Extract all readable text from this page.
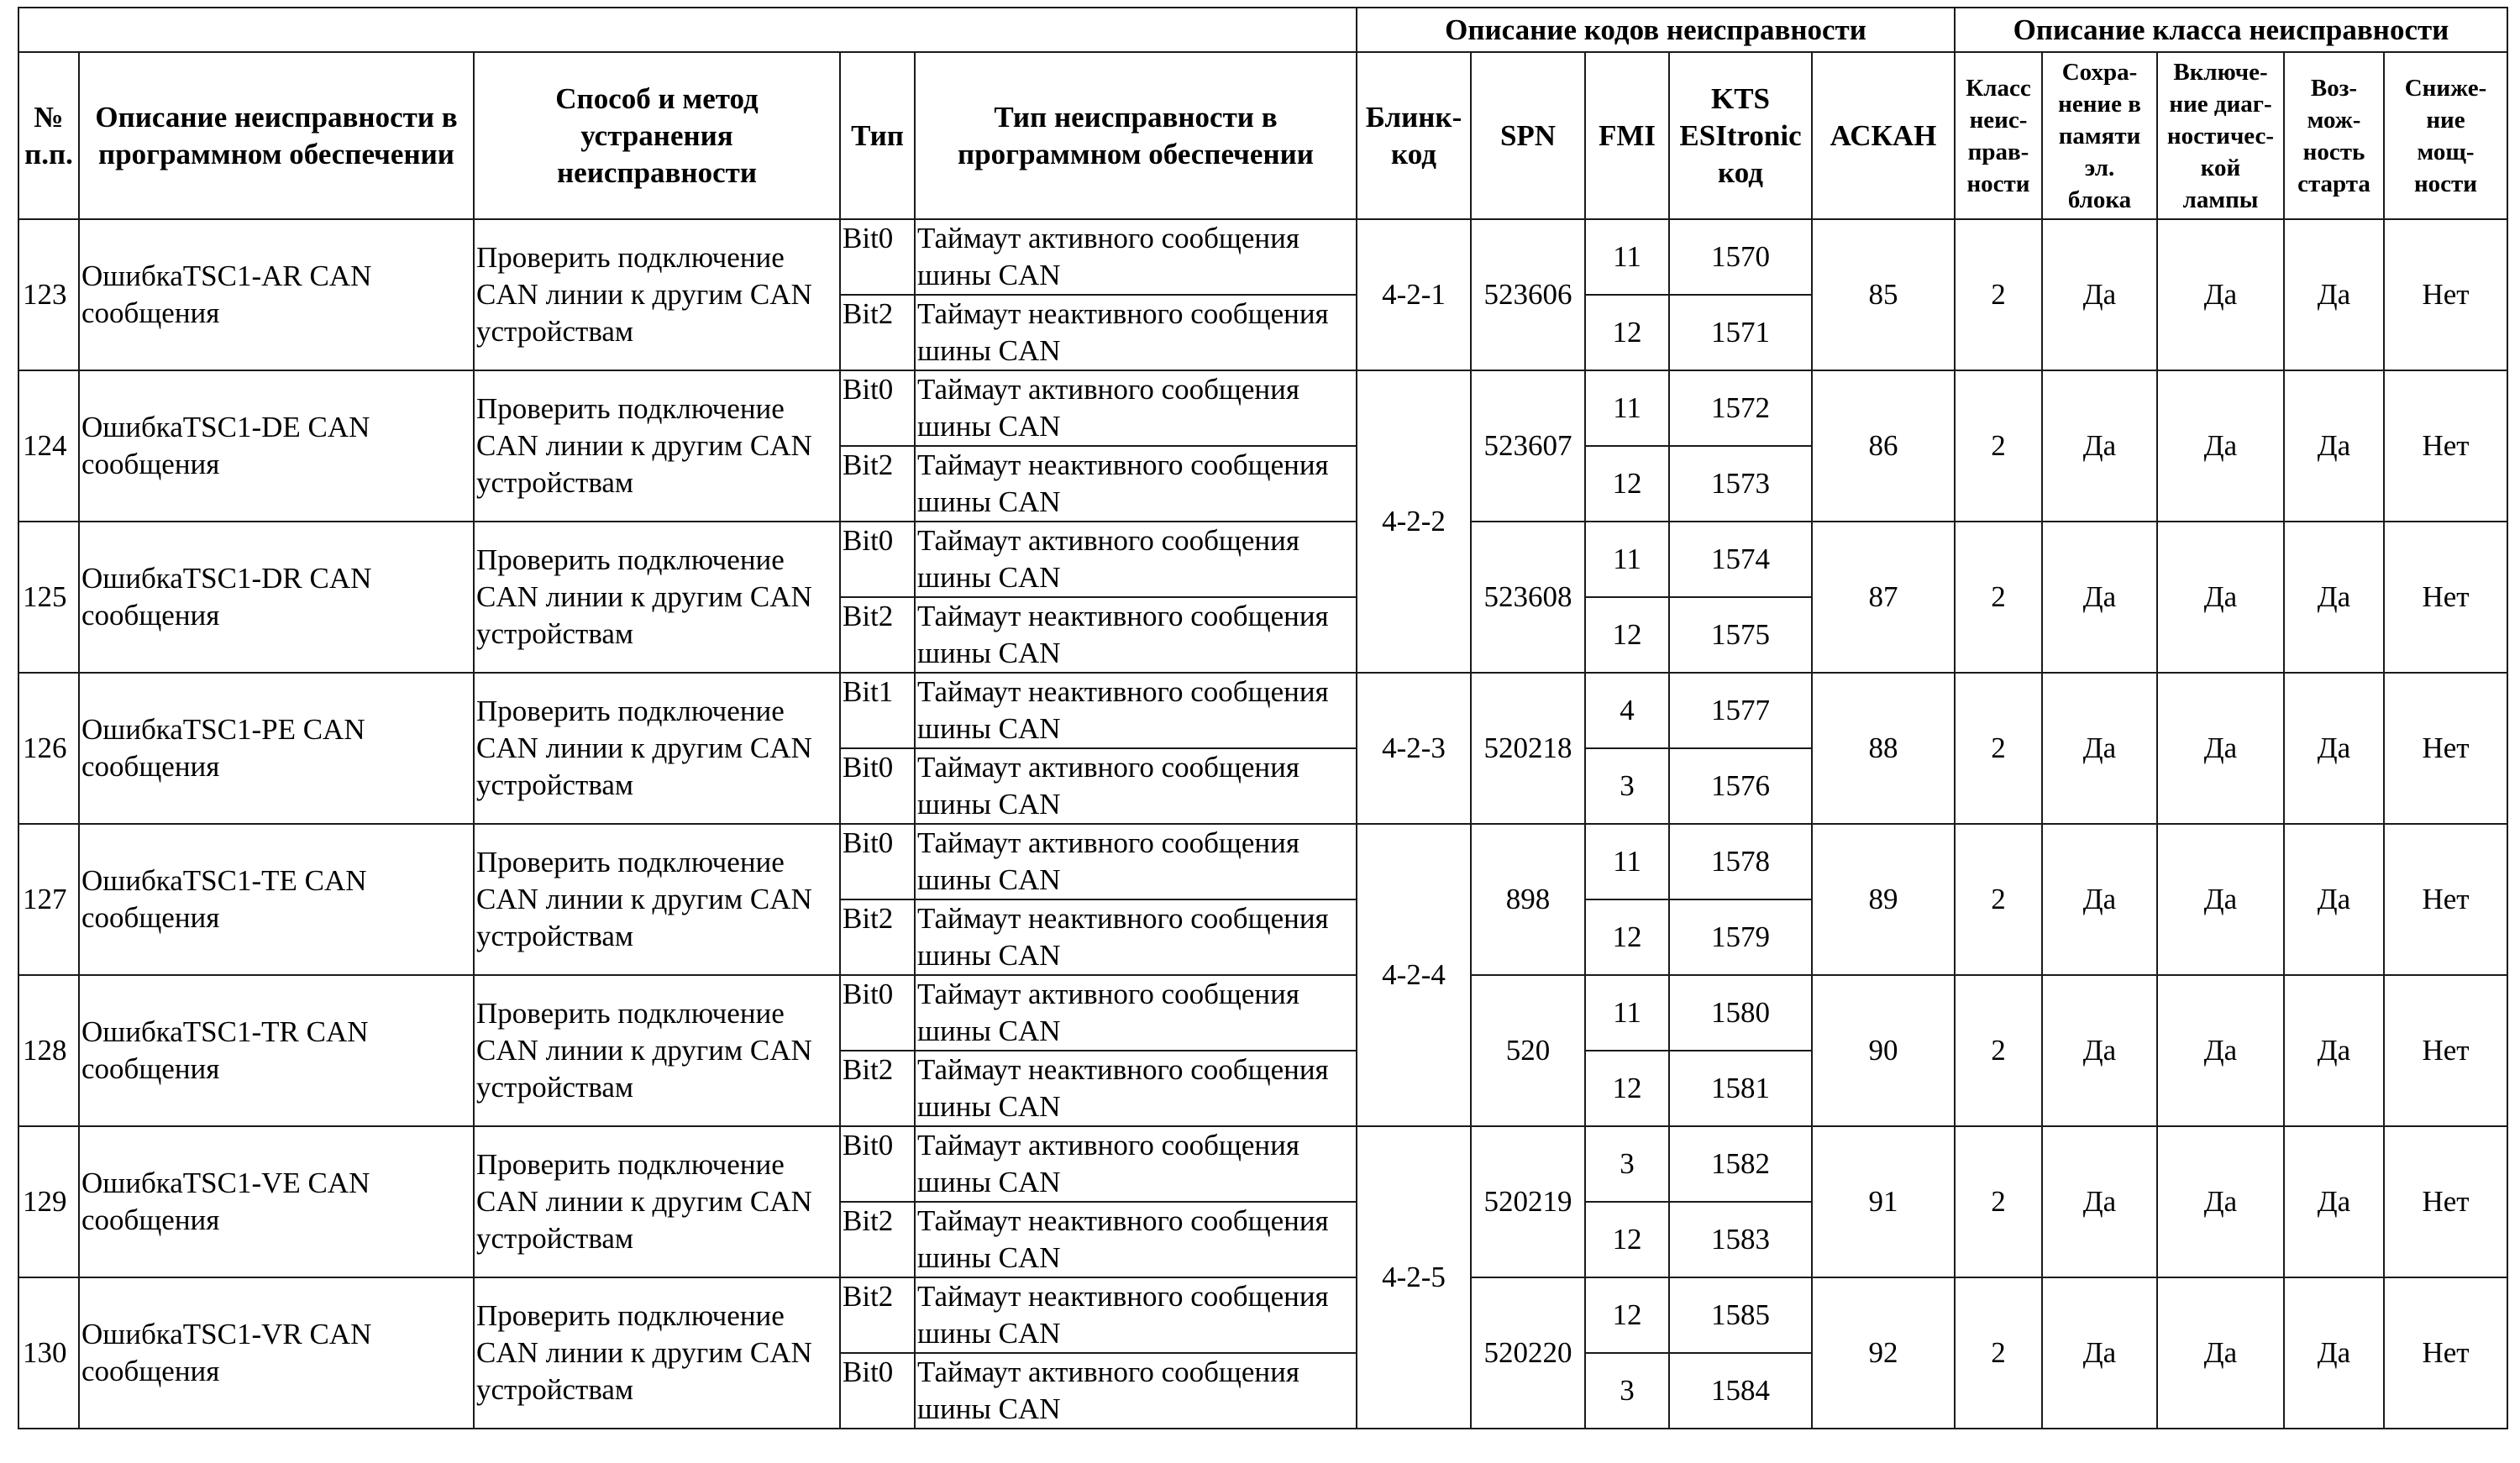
					Описание кодов неисправности					Описание класса неисправности				
№
п.п.	Описание неисправности в программном обеспечении	Способ и метод
устранения
неисправности	Тип	Тип неисправности в
программном обеспечении	Блинк-
код	SPN	FMI	KTS
ESItronic
код	АСКАН	Класс
неис-
прав-
ности	Сохра-
нение в
памяти
эл.
блока	Включе-
ние диаг-
ностичес-
кой
лампы	Воз-
мож-
ность
старта	Сниже-
ние
мощ-
ности
123	ОшибкаTSC1-AR CAN сообщения	Проверить подключение CAN линии к другим CAN устройствам	Bit0	Таймаут активного сообщения шины CAN	4-2-1	523606	11	1570	85	2	Да	Да	Да	Нет
			Bit2	Таймаут неактивного сообщения шины CAN			12	1571						
124	ОшибкаTSC1-DE CAN сообщения	Проверить подключение CAN линии к другим CAN устройствам	Bit0	Таймаут активного сообщения шины CAN	4-2-2	523607	11	1572	86	2	Да	Да	Да	Нет
			Bit2	Таймаут неактивного сообщения шины CAN			12	1573						
125	ОшибкаTSC1-DR CAN сообщения	Проверить подключение CAN линии к другим CAN устройствам	Bit0	Таймаут активного сообщения шины CAN		523608	11	1574	87	2	Да	Да	Да	Нет
			Bit2	Таймаут неактивного сообщения шины CAN			12	1575						
126	ОшибкаTSC1-PE CAN сообщения	Проверить подключение CAN линии к другим CAN устройствам	Bit1	Таймаут неактивного сообщения шины CAN	4-2-3	520218	4	1577	88	2	Да	Да	Да	Нет
			Bit0	Таймаут активного сообщения шины CAN			3	1576						
127	ОшибкаTSC1-TE CAN сообщения	Проверить подключение CAN линии к другим CAN устройствам	Bit0	Таймаут активного сообщения шины CAN	4-2-4	898	11	1578	89	2	Да	Да	Да	Нет
			Bit2	Таймаут неактивного сообщения шины CAN			12	1579						
128	ОшибкаTSC1-TR CAN сообщения	Проверить подключение CAN линии к другим CAN устройствам	Bit0	Таймаут активного сообщения шины CAN		520	11	1580	90	2	Да	Да	Да	Нет
			Bit2	Таймаут неактивного сообщения шины CAN			12	1581						
129	ОшибкаTSC1-VE CAN сообщения	Проверить подключение CAN линии к другим CAN устройствам	Bit0	Таймаут активного сообщения шины CAN	4-2-5	520219	3	1582	91	2	Да	Да	Да	Нет
			Bit2	Таймаут неактивного сообщения шины CAN			12	1583						
130	ОшибкаTSC1-VR CAN сообщения	Проверить подключение CAN линии к другим CAN устройствам	Bit2	Таймаут неактивного сообщения шины CAN		520220	12	1585	92	2	Да	Да	Да	Нет
			Bit0	Таймаут активного сообщения шины CAN			3	1584						
